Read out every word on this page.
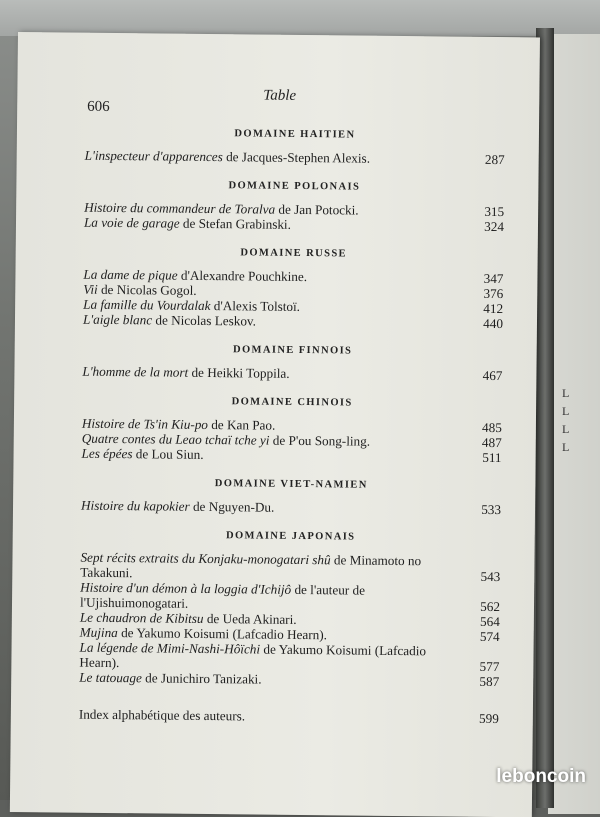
L
L
L
L
606
Table
DOMAINE HAITIEN
L'inspecteur d'apparences de Jacques-Stephen Alexis.	287
DOMAINE POLONAIS
Histoire du commandeur de Toralva de Jan Potocki.	315
La voie de garage de Stefan Grabinski.	324
DOMAINE RUSSE
La dame de pique d'Alexandre Pouchkine.	347
Vii de Nicolas Gogol.	376
La famille du Vourdalak d'Alexis Tolstoï.	412
L'aigle blanc de Nicolas Leskov.	440
DOMAINE FINNOIS
L'homme de la mort de Heikki Toppila.	467
DOMAINE CHINOIS
Histoire de Ts'in Kiu-po de Kan Pao.	485
Quatre contes du Leao tchaï tche yi de P'ou Song-ling.	487
Les épées de Lou Siun.	511
DOMAINE VIET-NAMIEN
Histoire du kapokier de Nguyen-Du.	533
DOMAINE JAPONAIS
Sept récits extraits du Konjaku-monogatari shû de Minamoto no Takakuni.	543
Histoire d'un démon à la loggia d'Ichijô de l'auteur de l'Ujishuimonogatari.	562
Le chaudron de Kibitsu de Ueda Akinari.	564
Mujina de Yakumo Koisumi (Lafcadio Hearn).	574
La légende de Mimi-Nashi-Hôïchi de Yakumo Koisumi (Lafcadio Hearn).	577
Le tatouage de Junichiro Tanizaki.	587
Index alphabétique des auteurs.	599
leboncoin
